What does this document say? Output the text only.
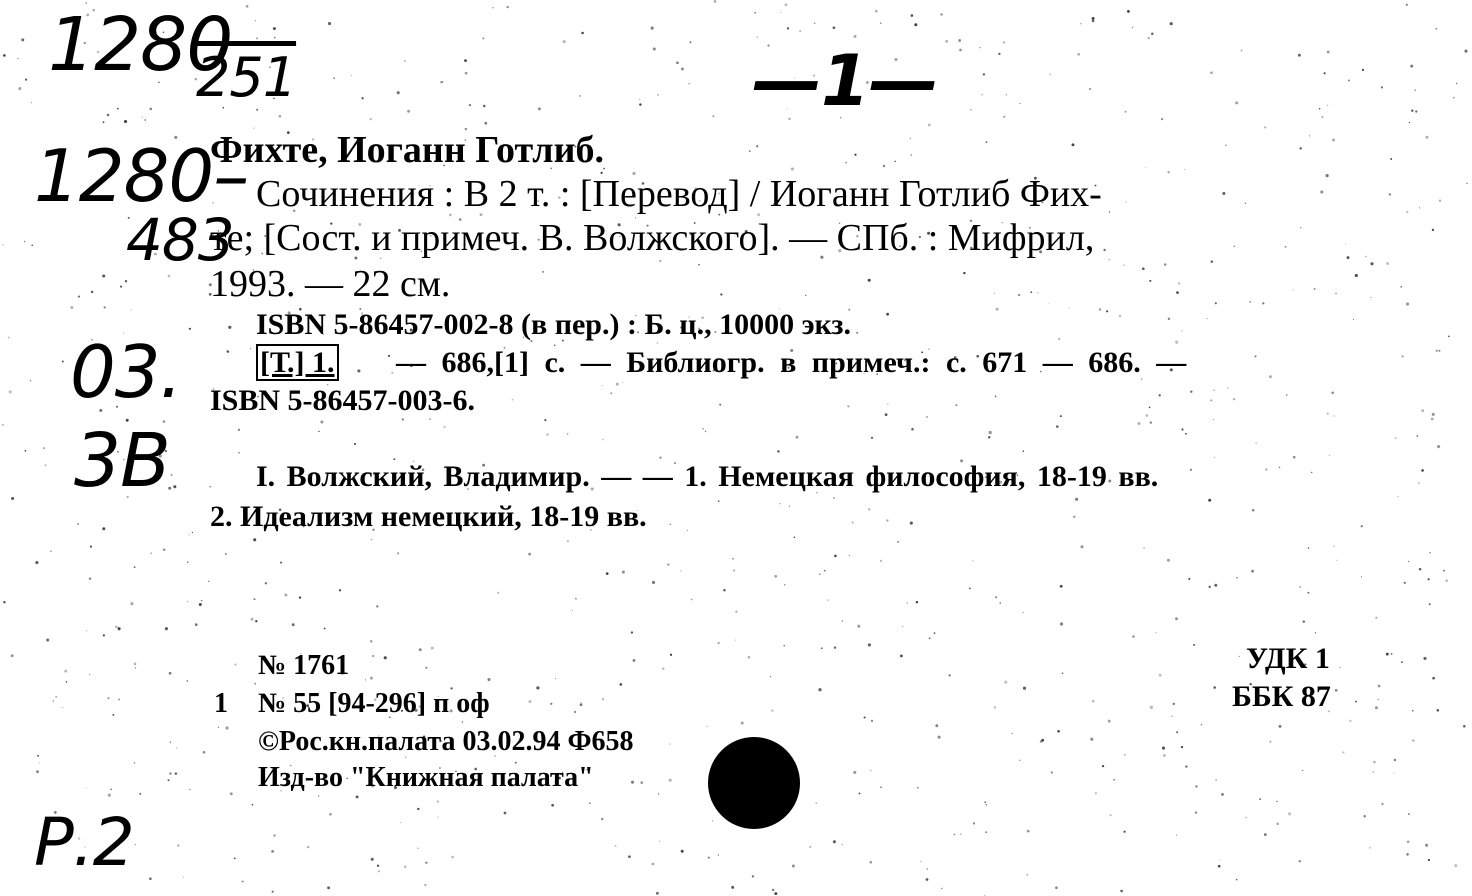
1280
251	—1—
1280–
483
03.
3В
Р.2
Фихте, Иоганн Готлиб.
Сочинения : В 2 т. : [Перевод] / Иоганн Готлиб Фих-
те; [Сост. и примеч. В. Волжского]. — СПб. : Мифрил,
1993. — 22 см.
ISBN 5-86457-002-8 (в пер.) : Б. ц., 10000 экз.
[Т.] 1. — 686,[1] с. — Библиогр. в примеч.: с. 671 — 686. —
ISBN 5-86457-003-6.
I. Волжский, Владимир. — — 1. Немецкая философия, 18-19 вв.
2. Идеализм немецкий, 18-19 вв.
№ 1761
1 № 55 [94-296] п оф
©Рос.кн.палата 03.02.94 Ф658
Изд-во "Книжная палата"
УДК 1
ББК 87
